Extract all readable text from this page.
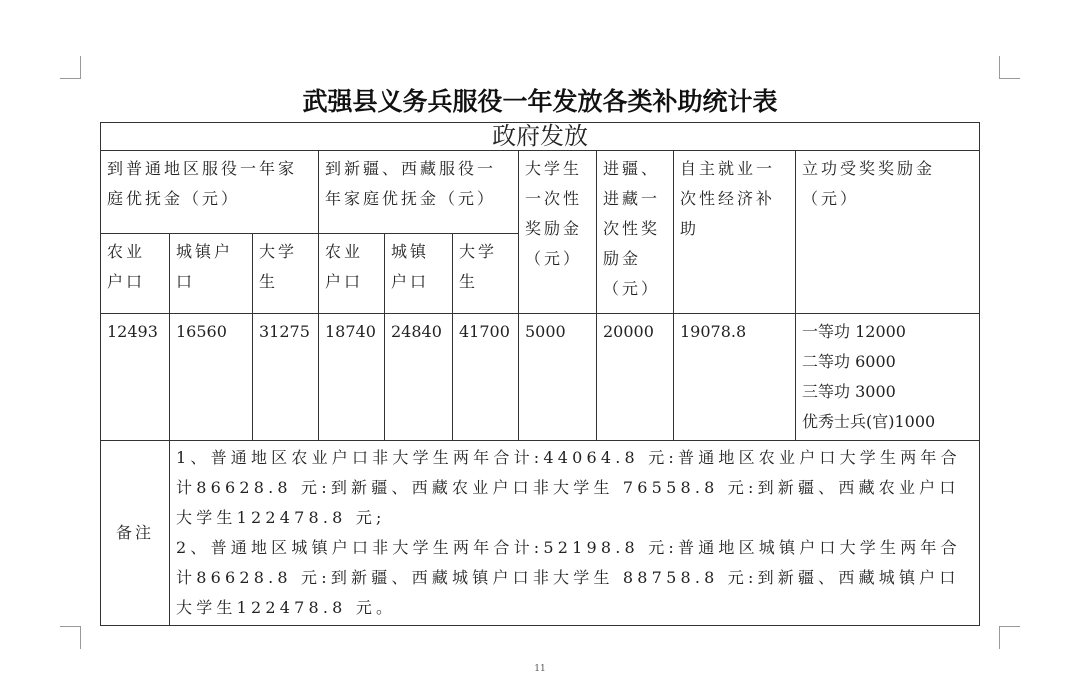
武强县义务兵服役一年发放各类补助统计表
政府发放									
到普通地区服役一年家庭优抚金（元）			到新疆、西藏服役一年家庭优抚金（元）			大学生一次性奖励金（元）	进疆、进藏一次性奖励金（元）	自主就业一次性经济补助	立功受奖奖励金（元）
农业户口	城镇户口	大学生	农业户口	城镇户口	大学生				
12493	16560	31275	18740	24840	41700	5000	20000	19078.8	一等功 12000
二等功 6000
三等功 3000
优秀士兵(官)1000

备注	1、普通地区农业户口非大学生两年合计:44064.8 元:普通地区农业户口大学生两年合计86628.8 元:到新疆、西藏农业户口非大学生 76558.8 元:到新疆、西藏农业户口大学生122478.8 元;

2、普通地区城镇户口非大学生两年合计:52198.8 元:普通地区城镇户口大学生两年合计86628.8 元:到新疆、西藏城镇户口非大学生 88758.8 元:到新疆、西藏城镇户口大学生122478.8 元。								

11
